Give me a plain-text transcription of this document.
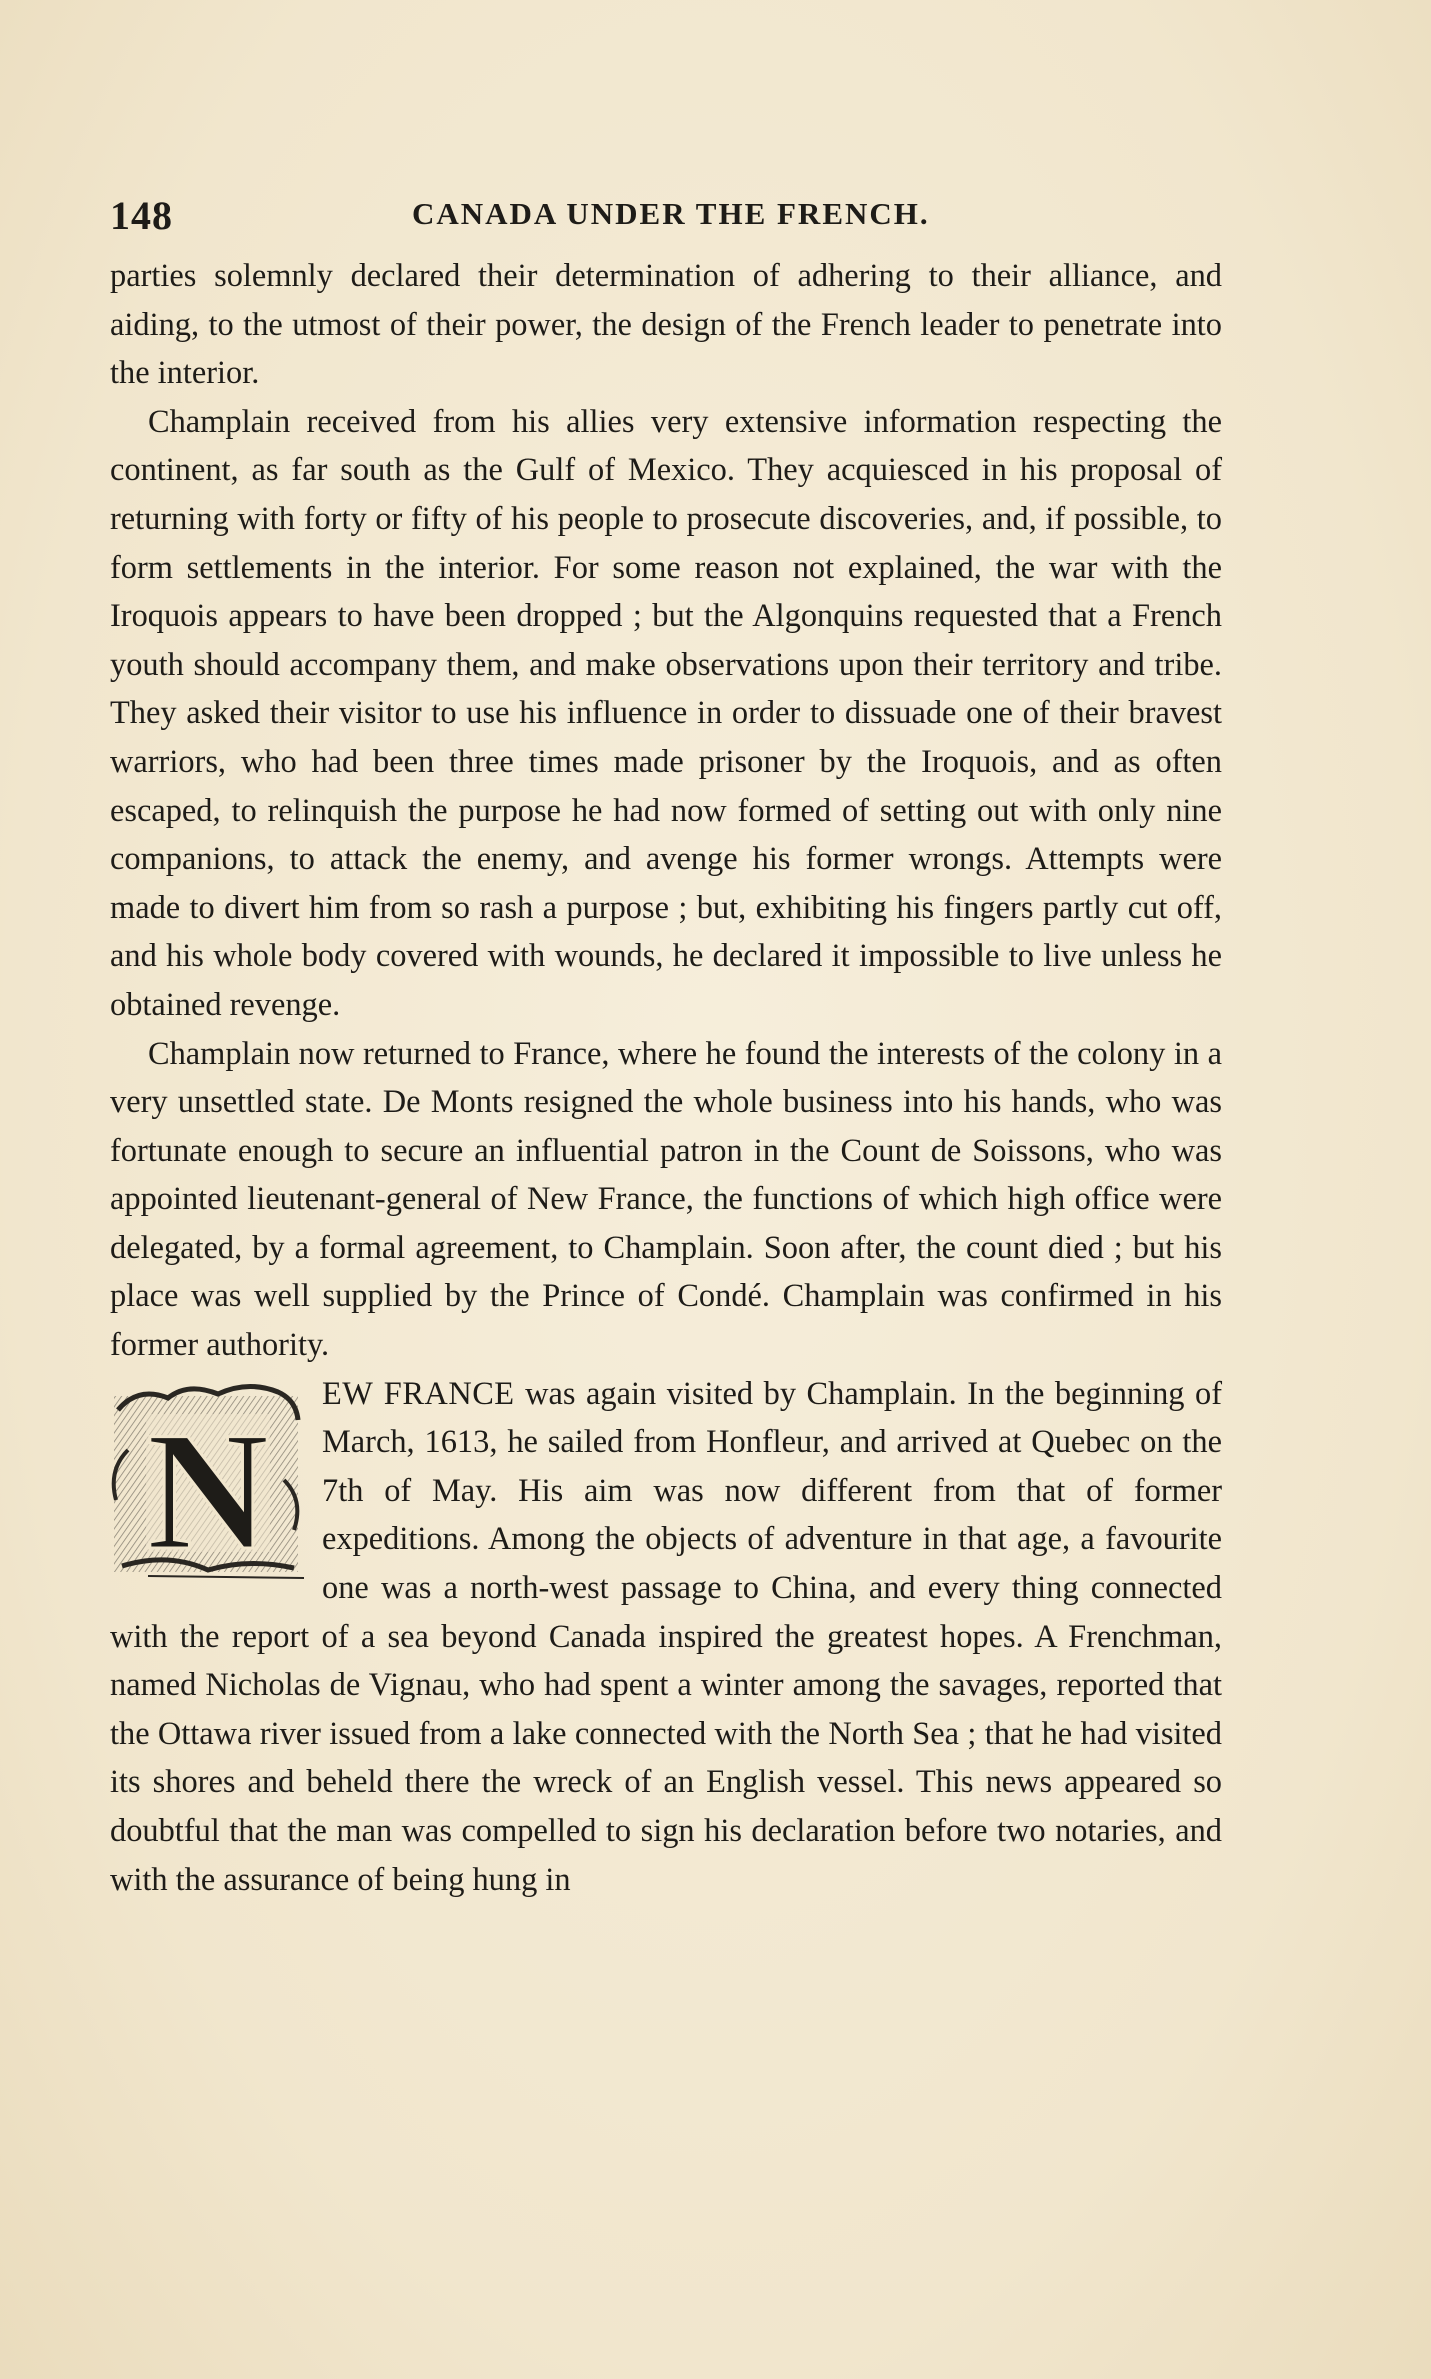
148	CANADA UNDER THE FRENCH.

parties solemnly declared their determination of adhering to their alliance, and aiding, to the utmost of their power, the design of the French leader to penetrate into the interior.

Champlain received from his allies very extensive information respecting the continent, as far south as the Gulf of Mexico. They acquiesced in his proposal of returning with forty or fifty of his people to prosecute discoveries, and, if possible, to form settlements in the interior. For some reason not explained, the war with the Iroquois appears to have been dropped ; but the Algonquins requested that a French youth should accompany them, and make observations upon their territory and tribe. They asked their visitor to use his influence in order to dissuade one of their bravest warriors, who had been three times made prisoner by the Iroquois, and as often escaped, to relinquish the purpose he had now formed of setting out with only nine companions, to attack the enemy, and avenge his former wrongs. Attempts were made to divert him from so rash a purpose ; but, exhibiting his fingers partly cut off, and his whole body covered with wounds, he declared it impossible to live unless he obtained revenge.

Champlain now returned to France, where he found the interests of the colony in a very unsettled state. De Monts resigned the whole business into his hands, who was fortunate enough to secure an influential patron in the Count de Soissons, who was appointed lieutenant-general of New France, the functions of which high office were delegated, by a formal agreement, to Champlain. Soon after, the count died ; but his place was well supplied by the Prince of Condé. Champlain was confirmed in his former authority.

N
EW FRANCE was again visited by Champlain. In the beginning of March, 1613, he sailed from Honfleur, and arrived at Quebec on the 7th of May. His aim was now different from that of former expeditions. Among the objects of adventure in that age, a favourite one was a north-west passage to China, and every thing connected with the report of a sea beyond Canada inspired the greatest hopes. A Frenchman, named Nicholas de Vignau, who had spent a winter among the savages, reported that the Ottawa river issued from a lake connected with the North Sea ; that he had visited its shores and beheld there the wreck of an English vessel. This news appeared so doubtful that the man was compelled to sign his declaration before two notaries, and with the assurance of being hung in
